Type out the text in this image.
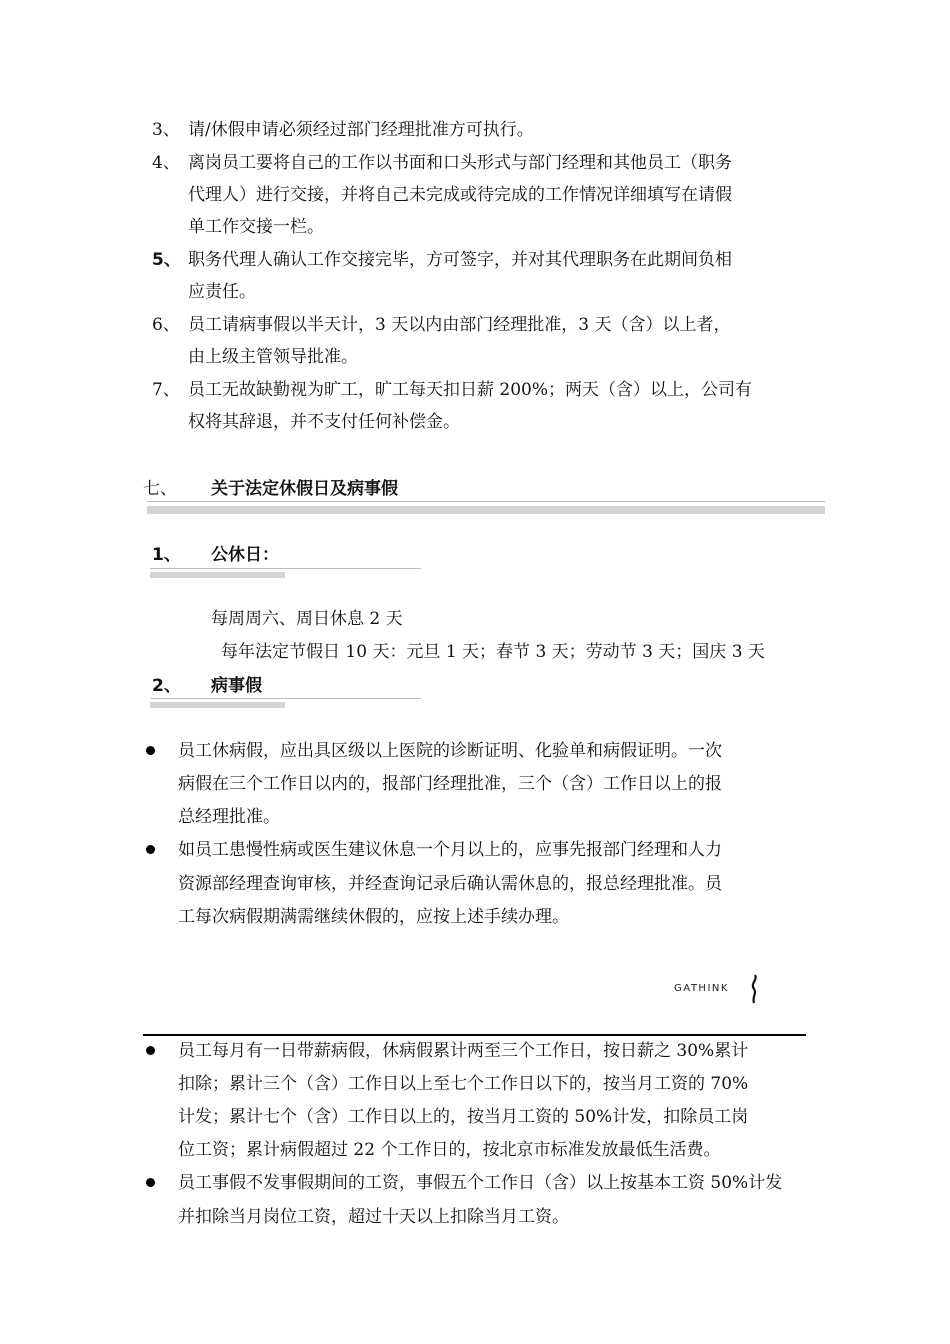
3、 请/休假申请必须经过部门经理批准方可执行。
4、 离岗员工要将自己的工作以书面和口头形式与部门经理和其他员工（职务
代理人）进行交接，并将自己未完成或待完成的工作情况详细填写在请假
单工作交接一栏。
5、 职务代理人确认工作交接完毕，方可签字，并对其代理职务在此期间负相
应责任。
6、 员工请病事假以半天计，3 天以内由部门经理批准，3 天（含）以上者，
由上级主管领导批准。
7、 员工无故缺勤视为旷工，旷工每天扣日薪 200%；两天（含）以上，公司有
权将其辞退，并不支付任何补偿金。
七、 关于法定休假日及病事假
1、 公休日：
每周周六、周日休息 2 天
每年法定节假日 10 天：元旦 1 天；春节 3 天；劳动节 3 天；国庆 3 天
2、 病事假
员工休病假，应出具区级以上医院的诊断证明、化验单和病假证明。一次
病假在三个工作日以内的，报部门经理批准，三个（含）工作日以上的报
总经理批准。
如员工患慢性病或医生建议休息一个月以上的，应事先报部门经理和人力
资源部经理查询审核，并经查询记录后确认需休息的，报总经理批准。员
工每次病假期满需继续休假的，应按上述手续办理。
GATHINK
员工每月有一日带薪病假，休病假累计两至三个工作日，按日薪之 30%累计
扣除；累计三个（含）工作日以上至七个工作日以下的，按当月工资的 70%
计发；累计七个（含）工作日以上的，按当月工资的 50%计发，扣除员工岗
位工资；累计病假超过 22 个工作日的，按北京市标准发放最低生活费。
员工事假不发事假期间的工资，事假五个工作日（含）以上按基本工资 50%计发
并扣除当月岗位工资，超过十天以上扣除当月工资。
